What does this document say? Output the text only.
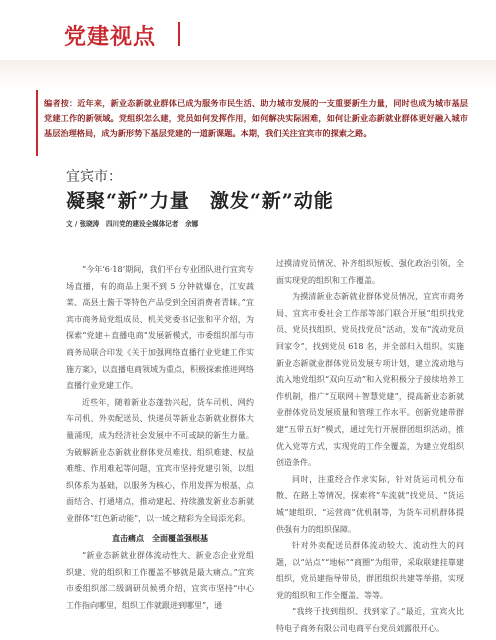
党建视点
编者按：近年来，新业态新就业群体已成为服务市民生活、助力城市发展的一支重要新生力量，同时也成为城市基层党建工作的新领域。党组织怎么建，党员如何发挥作用，如何解决实际困难，如何让新业态新就业群体更好融入城市基层治理格局，成为新形势下基层党建的一道新课题。本期，我们关注宜宾市的探索之路。
宜宾市：
凝聚“新”力量　激发“新”动能
文 / 张晓涛　四川党的建设全媒体记者　余娜

“今年‘6·18’期间，我们平台专业团队进行宜宾专场直播，有的商品上架不到 5 分钟就爆仓，江安蔬菜、高县土酱于等特色产品受到全国消费者青睐。”宜宾市商务局党组成员、机关党委书记张和平介绍，为探索“党建＋直播电商”发展新模式，市委组织部与市商务局联合印发《关于加强网络直播行业党建工作实施方案》，以直播电商领域为重点，积极探索推进网络直播行业党建工作。

近些年，随着新业态蓬勃兴起，货车司机、网约车司机、外卖配送员、快递员等新业态新就业群体大量涌现，成为经济社会发展中不可或缺的新生力量。为破解新业态新就业群体党员难找、组织难建、权益难维、作用难起等问题，宜宾市坚持党建引领，以组织体系为基础，以服务为核心，作用发挥为根基，点面结合、打通堵点，推动建起、持续激发新业态新就业群体“红色新动能”，以一域之精彩为全局添光彩。

直击痛点　全面覆盖强根基

“新业态新就业群体流动性大、新业态企业党组织建、党的组织和工作覆盖不够就是最大痛点。”宜宾市委组织部二级调研员候勇介绍，宜宾市坚持“中心工作指向哪里，组织工作就跟进到哪里”，通

过摸清党员情况、补齐组织短板、强化政治引领，全面实现党的组织和工作覆盖。

为摸清新业态新就业群体党员情况，宜宾市商务局、宜宾市委社会工作部等部门联合开展“组织找党员、党员找组织、党员找党员”活动，发布“流动党员回家令”，找到党员 618 名，并全部归入组织。实施新业态新就业群体党员发展专项计划，建立流动地与流入地党组织“双向互动”和入党积极分子接续培养工作机制，推广“互联网＋智慧党建”，提高新业态新就业群体党员发展质量和管理工作水平。创新党建带群建“五带五好”模式，通过先行开展群团组织活动，推优入党等方式，实现党的工作全覆盖，为建立党组织创造条件。

同时，注重经合作求实际，针对货运司机分布散、在路上等情况，探索将“车流就”找党员、“货运城”建组织、“运营商”优机制等，为货车司机群体提供强有力的组织保障。

针对外卖配送员群体流动较大、流动性大的问题，以“站点”“地标”“商圈”为组带，采取联建挂靠建组织，党员建指导带员，群团组织共建等举措，实现党的组织和工作全覆盖、等等。

“我终于找到组织、找到家了。”最近，宜宾火比特电子商务有限公司电商平台党员刘露很开心。
